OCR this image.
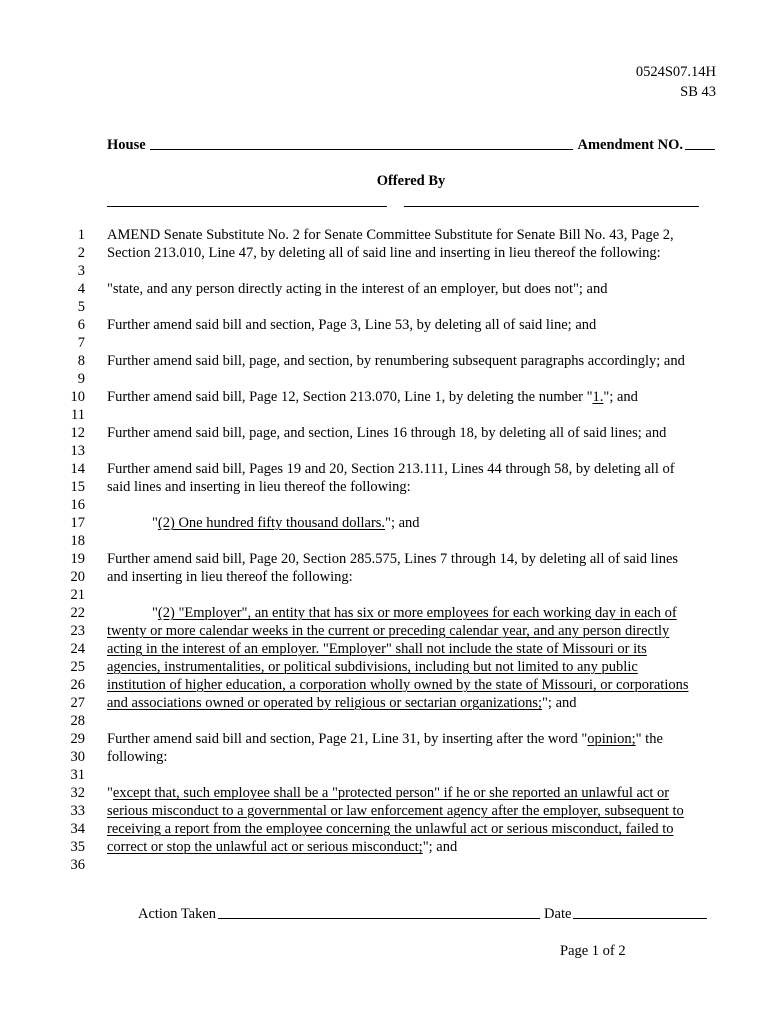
0524S07.14H
SB 43
House	Amendment NO.
Offered By
1 AMEND Senate Substitute No. 2 for Senate Committee Substitute for Senate Bill No. 43, Page 2,
2 Section 213.010, Line 47, by deleting all of said line and inserting in lieu thereof the following:
3
4 "state, and any person directly acting in the interest of an employer, but does not"; and
5
6 Further amend said bill and section, Page 3, Line 53, by deleting all of said line; and
7
8 Further amend said bill, page, and section, by renumbering subsequent paragraphs accordingly; and
9
10 Further amend said bill, Page 12, Section 213.070, Line 1, by deleting the number "1."; and
11
12 Further amend said bill, page, and section, Lines 16 through 18, by deleting all of said lines; and
13
14 Further amend said bill, Pages 19 and 20, Section 213.111, Lines 44 through 58, by deleting all of
15 said lines and inserting in lieu thereof the following:
16
17	"(2) One hundred fifty thousand dollars."; and
18
19 Further amend said bill, Page 20, Section 285.575, Lines 7 through 14, by deleting all of said lines
20 and inserting in lieu thereof the following:
21
22	"(2) "Employer", an entity that has six or more employees for each working day in each of
23 twenty or more calendar weeks in the current or preceding calendar year, and any person directly
24 acting in the interest of an employer. "Employer" shall not include the state of Missouri or its
25 agencies, instrumentalities, or political subdivisions, including but not limited to any public
26 institution of higher education, a corporation wholly owned by the state of Missouri, or corporations
27 and associations owned or operated by religious or sectarian organizations;"; and
28
29 Further amend said bill and section, Page 21, Line 31, by inserting after the word "opinion;" the
30 following:
31
32 "except that, such employee shall be a "protected person" if he or she reported an unlawful act or
33 serious misconduct to a governmental or law enforcement agency after the employer, subsequent to
34 receiving a report from the employee concerning the unlawful act or serious misconduct, failed to
35 correct or stop the unlawful act or serious misconduct;"; and
36
Action Taken	Date
Page 1 of 2
